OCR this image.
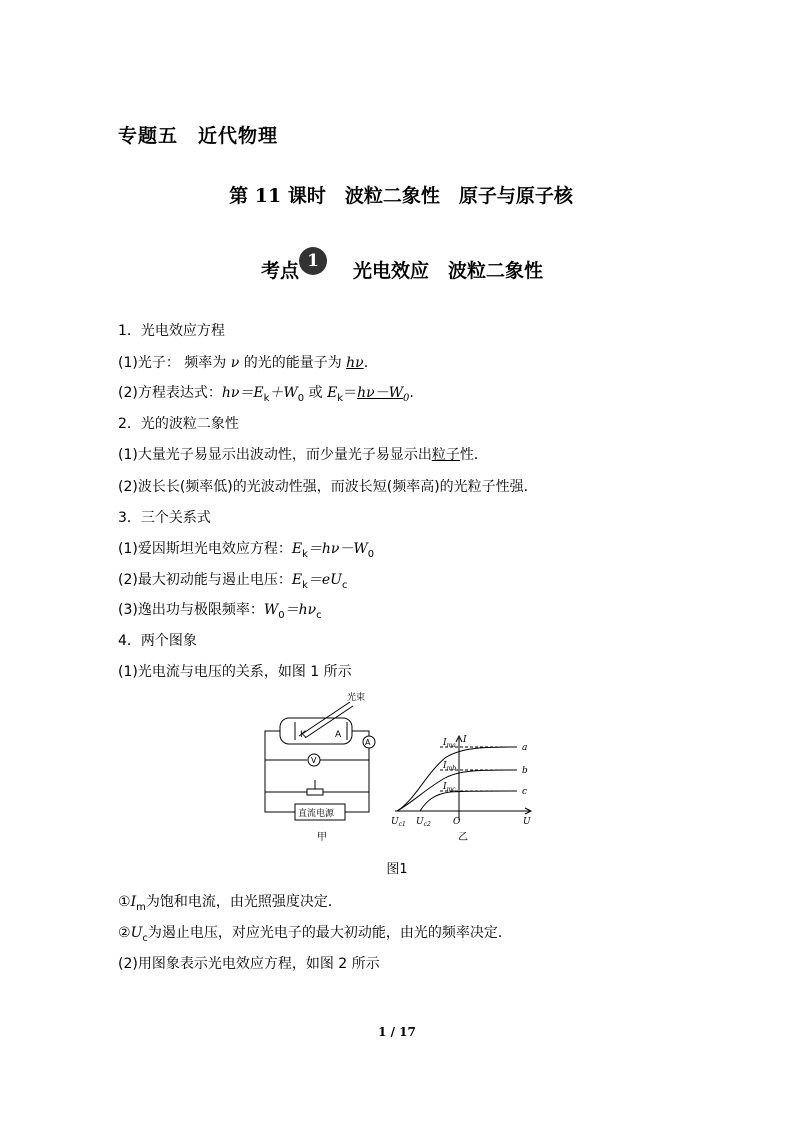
专题五　近代物理
第 11 课时　波粒二象性　原子与原子核
考点 1	光电效应　波粒二象性
1．光电效应方程
(1)光子： 频率为 ν 的光的能量子为 hν.
(2)方程表达式：$h\nu=E_k+W_0$ 或 $E_k=h\nu-W_0$.
2．光的波粒二象性
(1)大量光子易显示出波动性，而少量光子易显示出粒子性．
(2)波长长(频率低)的光波动性强，而波长短(频率高)的光粒子性强．
3．三个关系式
(1)爱因斯坦光电效应方程：$E_k=h\nu-W_0$
(2)最大初动能与遏止电压：$E_k=eU_c$
(3)逸出功与极限频率：$W_0=h\nu_c$
4．两个图象
(1)光电流与电压的关系，如图 1 所示
光束
K	A
A
V
直流电源
甲
I
U
O
$I_{ma}$
$I_{mb}$
$I_{mc}$
$U_{c1}$ $U_{c2}$
a
b
c
乙
图1
$①I_m$为饱和电流，由光照强度决定．
$②U_c$为遏止电压，对应光电子的最大初动能，由光的频率决定．
(2)用图象表示光电效应方程，如图 2 所示
1 / 17
